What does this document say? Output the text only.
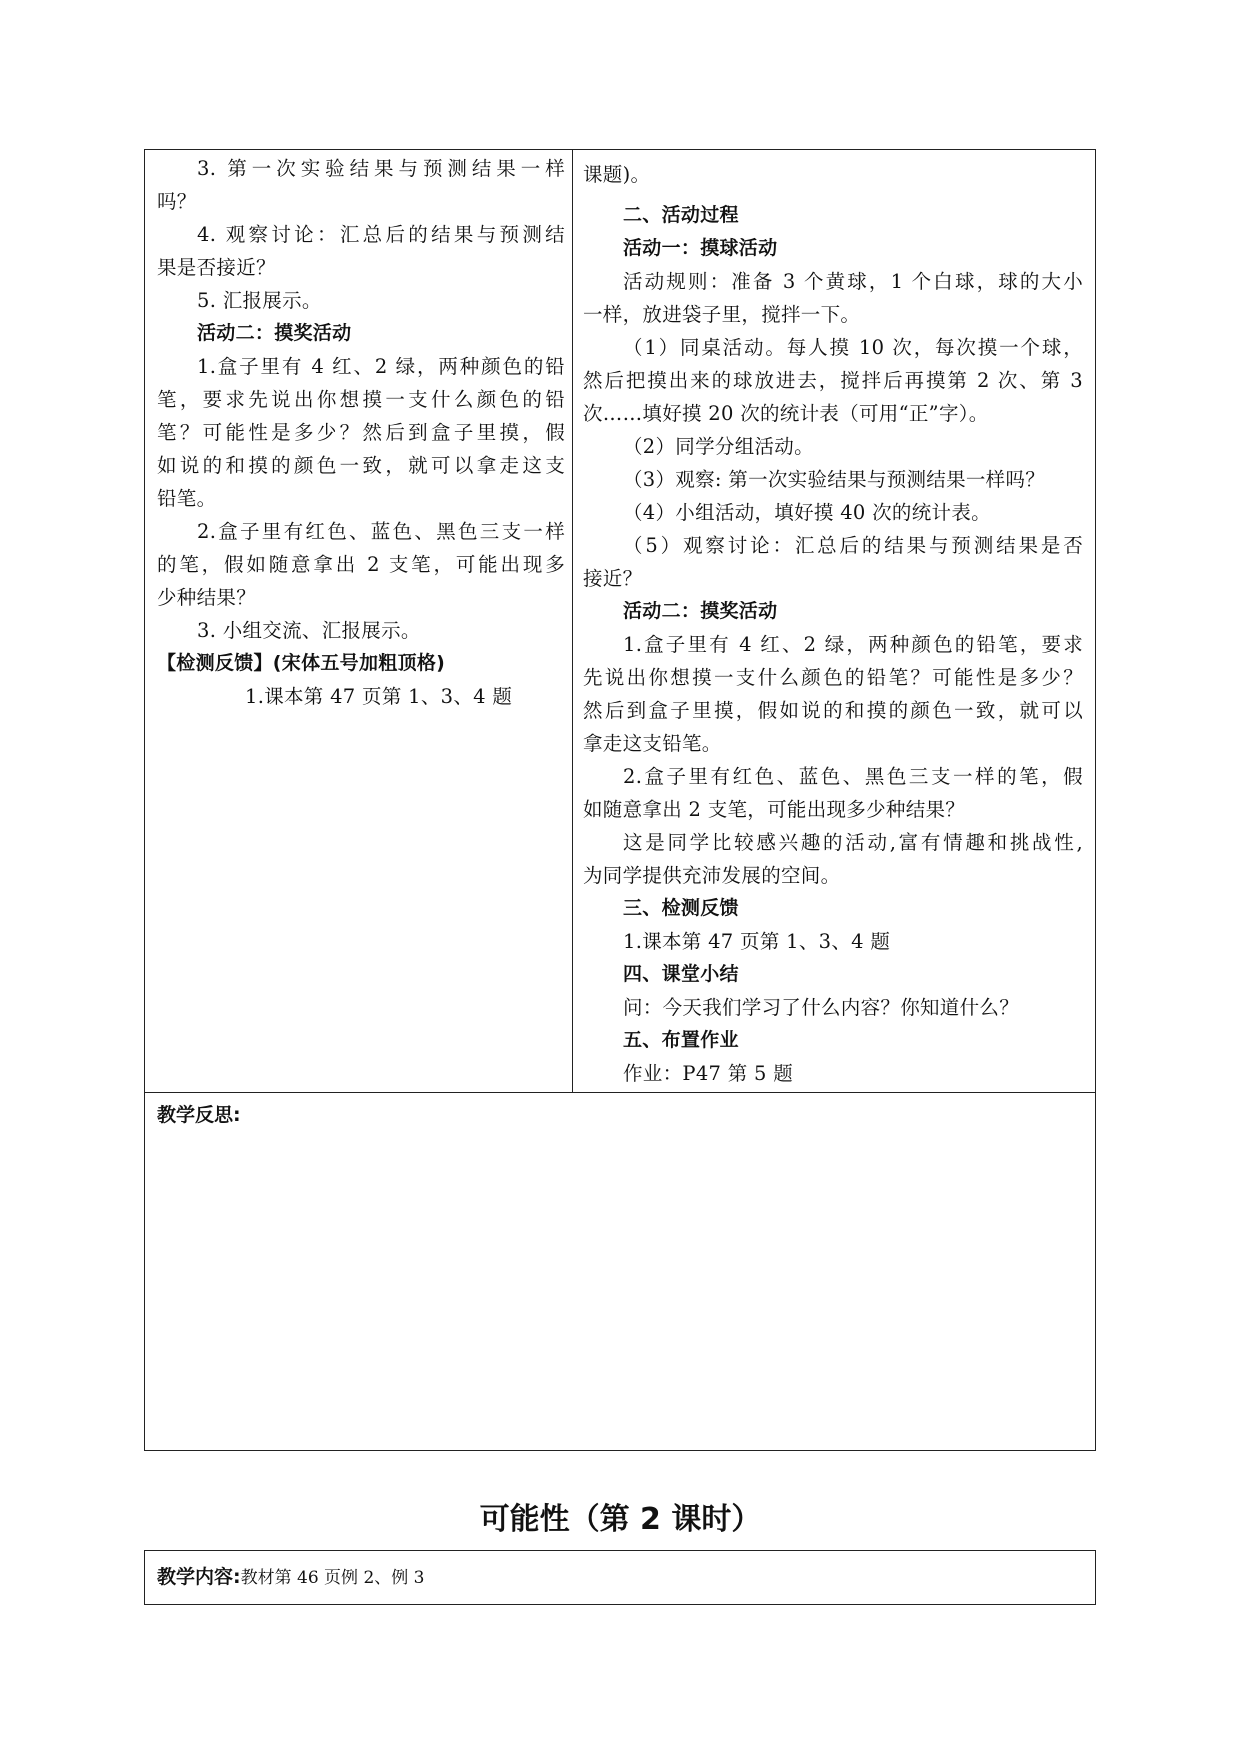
3. 第一次实验结果与预测结果一样
吗？
4. 观察讨论：汇总后的结果与预测结
果是否接近？
5. 汇报展示。
活动二：摸奖活动
1.盒子里有 4 红、2 绿，两种颜色的铅
笔，要求先说出你想摸一支什么颜色的铅
笔？可能性是多少？然后到盒子里摸，假
如说的和摸的颜色一致，就可以拿走这支
铅笔。
2.盒子里有红色、蓝色、黑色三支一样
的笔，假如随意拿出 2 支笔，可能出现多
少种结果？
3. 小组交流、汇报展示。
【检测反馈】(宋体五号加粗顶格)
1.课本第 47 页第 1、3、4 题
课题)。
二、活动过程
活动一：摸球活动
活动规则：准备 3 个黄球，1 个白球，球的大小
一样，放进袋子里，搅拌一下。
（1）同桌活动。每人摸 10 次，每次摸一个球，
然后把摸出来的球放进去，搅拌后再摸第 2 次、第 3
次……填好摸 20 次的统计表（可用“正”字）。
（2）同学分组活动。
（3）观察: 第一次实验结果与预测结果一样吗？
（4）小组活动，填好摸 40 次的统计表。
（5）观察讨论：汇总后的结果与预测结果是否
接近？
活动二：摸奖活动
1.盒子里有 4 红、2 绿，两种颜色的铅笔，要求
先说出你想摸一支什么颜色的铅笔？可能性是多少？
然后到盒子里摸，假如说的和摸的颜色一致，就可以
拿走这支铅笔。
2.盒子里有红色、蓝色、黑色三支一样的笔，假
如随意拿出 2 支笔，可能出现多少种结果？
这是同学比较感兴趣的活动,富有情趣和挑战性,
为同学提供充沛发展的空间。
三、检测反馈
1.课本第 47 页第 1、3、4 题
四、课堂小结
问：今天我们学习了什么内容？你知道什么？
五、布置作业
作业：P47 第 5 题
教学反思:
可能性（第 2 课时）
教学内容:教材第 46 页例 2、例 3
